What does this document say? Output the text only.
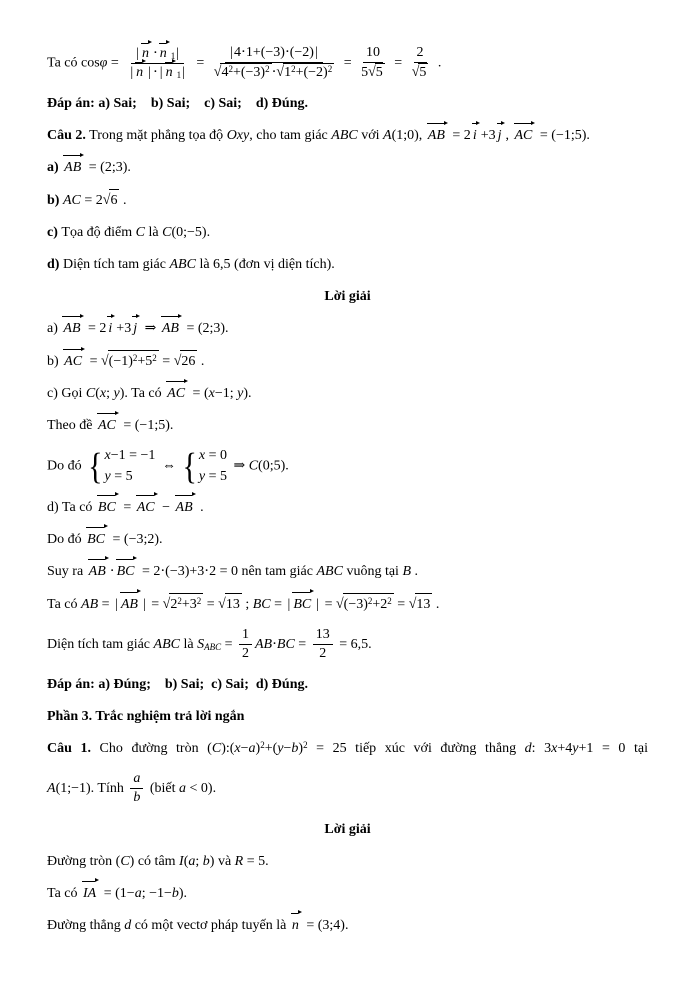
Ta có cosφ = | n ⋅ n $_1$ |
| n | ⋅ | n $_1$ | = | $\frac{4\cdot 1+(-3)\cdot(-2) |}{√4^2+(-3)^2 \cdot√1^2+(-2)^2} = \frac{10}{5√5} = \frac{2}{√5}$ .
Đáp án: a) Sai; b) Sai; c) Sai; d) Đúng.
Câu 2. Trong mặt phẳng tọa độ Oxy, cho tam giác ABC với A(1;0), AB = 2 i +3 j , AC = (−1;5).
a) AB = (2;3).
b) AC = 2√6 .
c) Tọa độ điểm C là C(0;−5).
d) Diện tích tam giác ABC là 6,5 (đơn vị diện tích).
Lời giải
a) AB = 2 i +3 j ⇒ AB = (2;3).
b) AC = $√(-1)^2+5^2 = √26$ .
c) Gọi C(x; y). Ta có AC = (x−1; y).
Theo đề AC = (−1;5).
Do đó { x−1 = −1
y = 5
⇔ { x = 0
y = 5
⇒ C(0;5).
d) Ta có BC = AC − AB .
Do đó BC = (−3;2).
Suy ra AB ⋅ BC = 2⋅(−3)+3⋅2 = 0 nên tam giác ABC vuông tại B .
Ta có AB = | AB | = $√2^2+3^2 = √13$ ; BC = | BC | = $√(-3)^2+2^2 = √13$ .
Diện tích tam giác ABC là $S_{ABC} = \frac{1}{2} AB\cdot BC = \frac{13}{2} = 6,5$.
Đáp án: a) Đúng; b) Sai; c) Sai; d) Đúng.
Phần 3. Trắc nghiệm trả lời ngắn
Câu 1. Cho đường tròn $(C):(x-a)^2+(y-b)^2 = 25$ tiếp xúc với đường thẳng d: 3x+4y+1 = 0 tại
A(1;−1). Tính $\frac{a}{b}$ (biết a < 0).
Lời giải
Đường tròn (C) có tâm I(a; b) và R = 5.
Ta có IA = (1−a; −1−b).
Đường thẳng d có một vectơ pháp tuyến là n = (3;4).
